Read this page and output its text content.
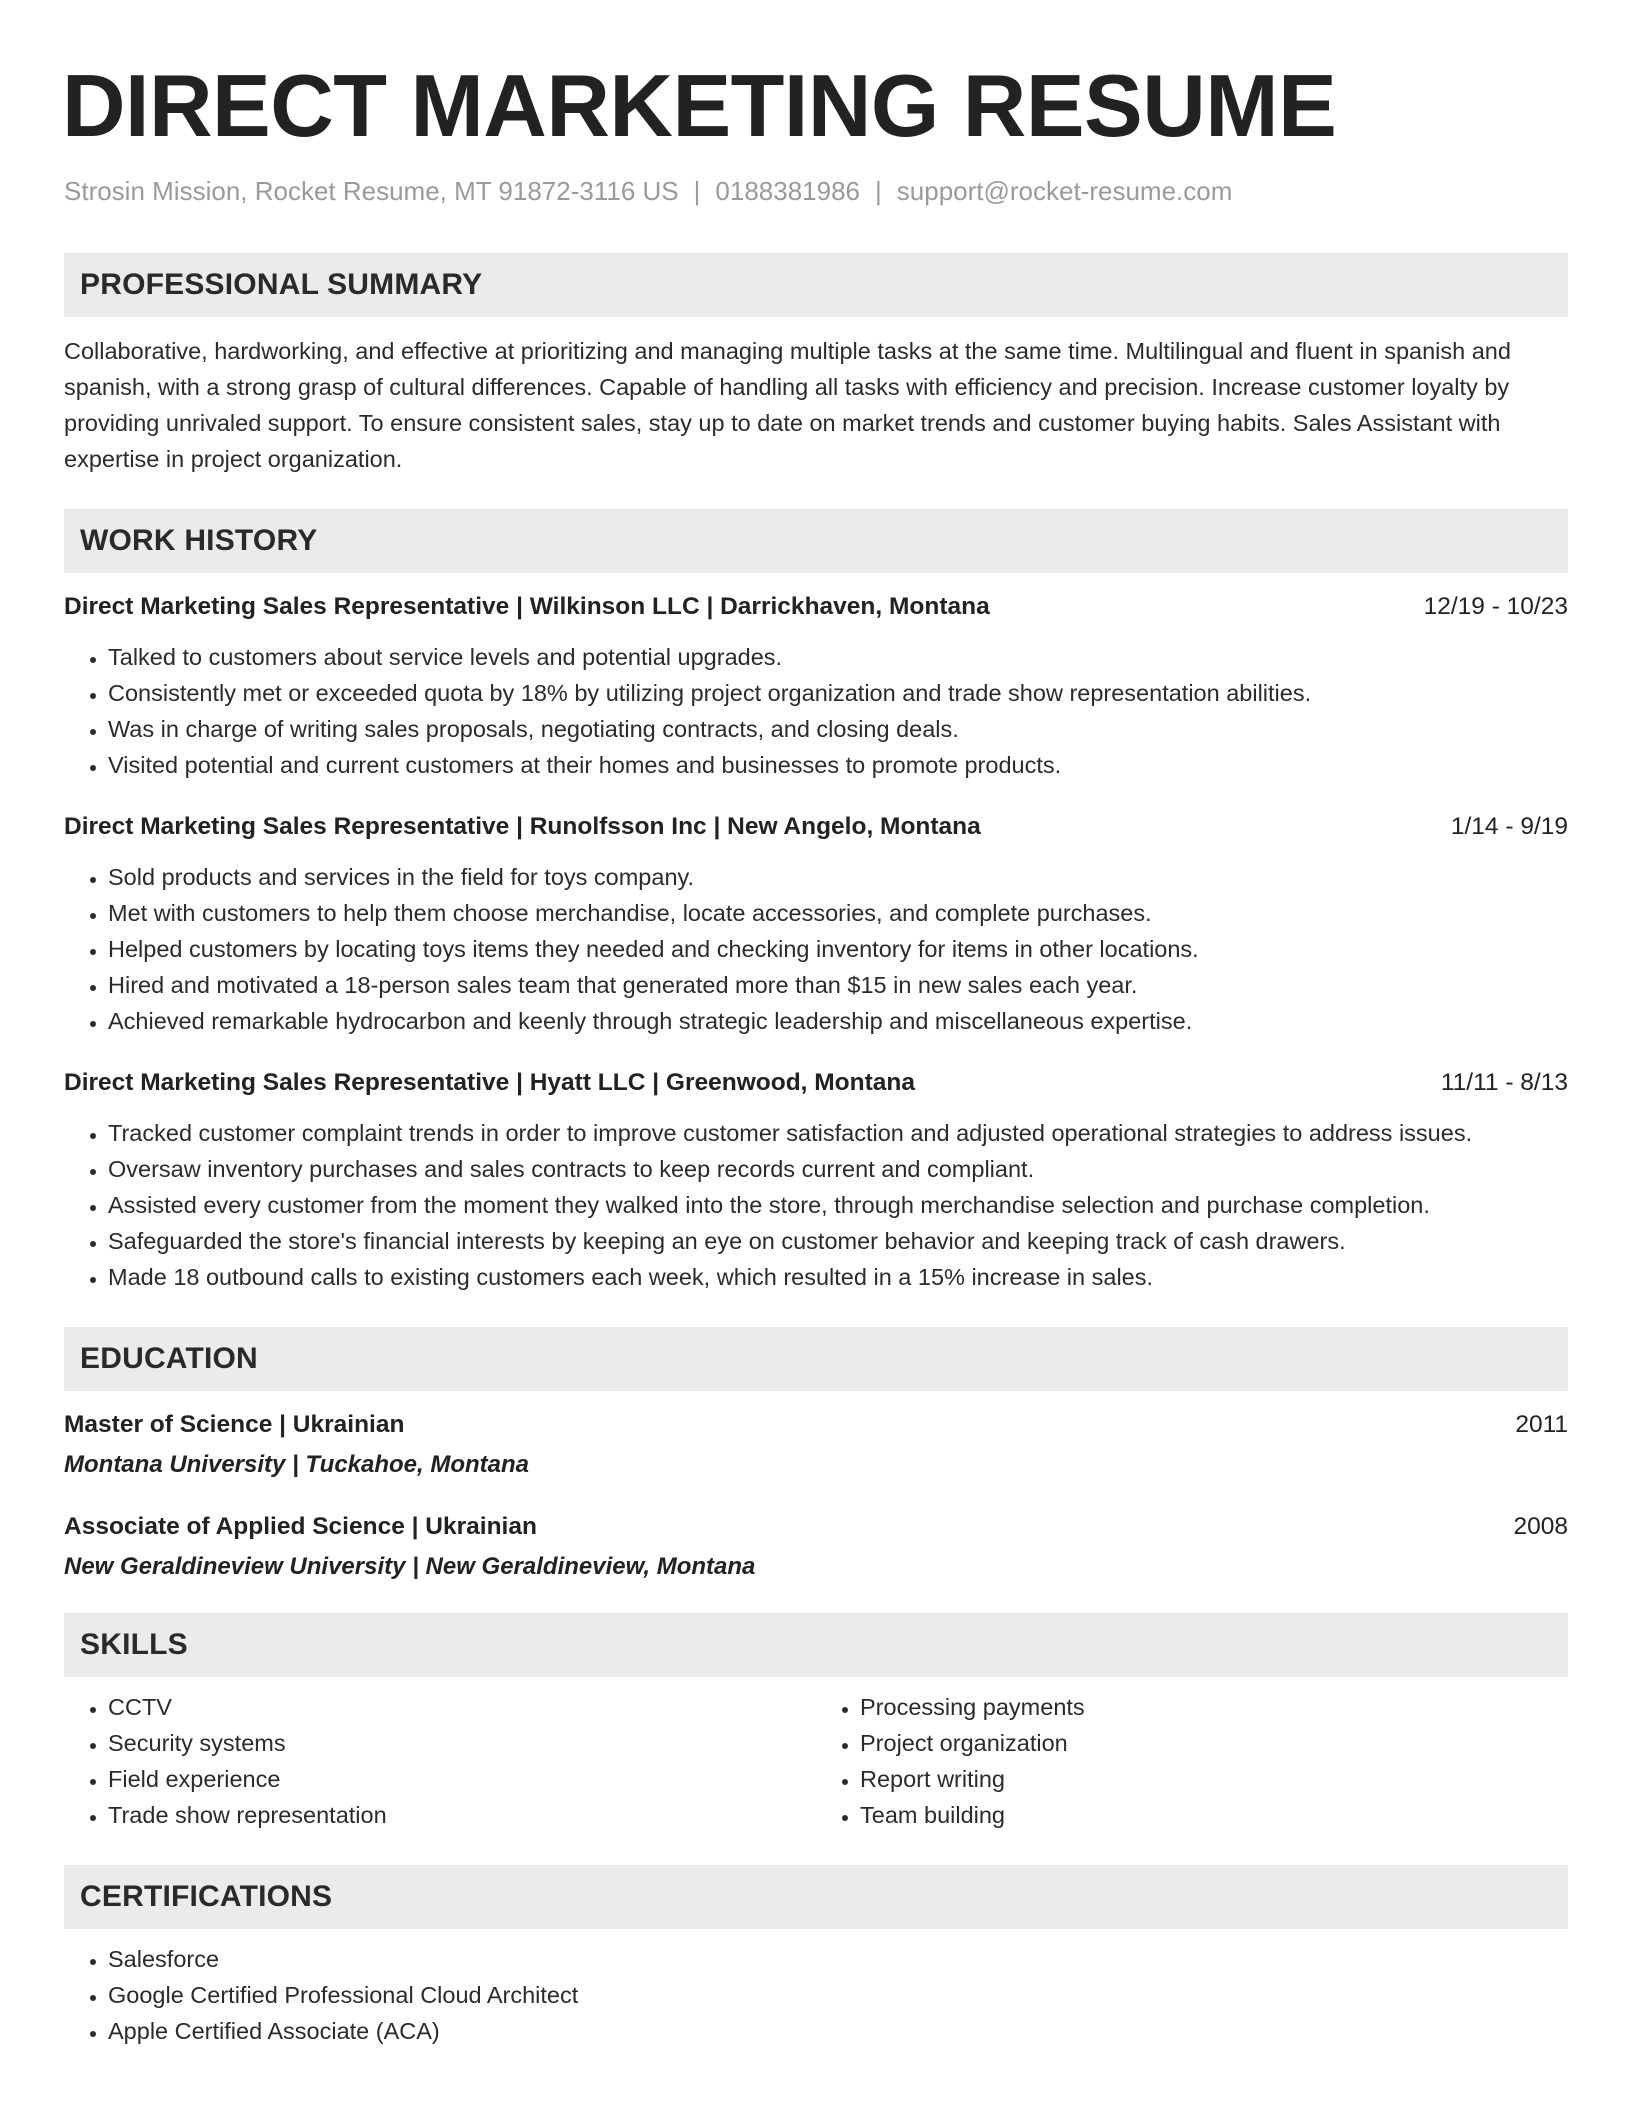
DIRECT MARKETING RESUME
Strosin Mission, Rocket Resume, MT 91872-3116 US | 0188381986 | support@rocket-resume.com
PROFESSIONAL SUMMARY

Collaborative, hardworking, and effective at prioritizing and managing multiple tasks at the same time. Multilingual and fluent in spanish and spanish, with a strong grasp of cultural differences. Capable of handling all tasks with efficiency and precision. Increase customer loyalty by providing unrivaled support. To ensure consistent sales, stay up to date on market trends and customer buying habits. Sales Assistant with expertise in project organization.

WORK HISTORY
Direct Marketing Sales Representative | Wilkinson LLC | Darrickhaven, Montana	12/19 - 10/23
• Talked to customers about service levels and potential upgrades.
• Consistently met or exceeded quota by 18% by utilizing project organization and trade show representation abilities.
• Was in charge of writing sales proposals, negotiating contracts, and closing deals.
• Visited potential and current customers at their homes and businesses to promote products.
Direct Marketing Sales Representative | Runolfsson Inc | New Angelo, Montana	1/14 - 9/19
• Sold products and services in the field for toys company.
• Met with customers to help them choose merchandise, locate accessories, and complete purchases.
• Helped customers by locating toys items they needed and checking inventory for items in other locations.
• Hired and motivated a 18-person sales team that generated more than $15 in new sales each year.
• Achieved remarkable hydrocarbon and keenly through strategic leadership and miscellaneous expertise.
Direct Marketing Sales Representative | Hyatt LLC | Greenwood, Montana	11/11 - 8/13
• Tracked customer complaint trends in order to improve customer satisfaction and adjusted operational strategies to address issues.
• Oversaw inventory purchases and sales contracts to keep records current and compliant.
• Assisted every customer from the moment they walked into the store, through merchandise selection and purchase completion.
• Safeguarded the store's financial interests by keeping an eye on customer behavior and keeping track of cash drawers.
• Made 18 outbound calls to existing customers each week, which resulted in a 15% increase in sales.
EDUCATION
Master of Science | Ukrainian	2011
Montana University | Tuckahoe, Montana
Associate of Applied Science | Ukrainian	2008
New Geraldineview University | New Geraldineview, Montana
SKILLS
• CCTV
• Security systems
• Field experience
• Trade show representation
• Processing payments
• Project organization
• Report writing
• Team building
CERTIFICATIONS
• Salesforce
• Google Certified Professional Cloud Architect
• Apple Certified Associate (ACA)
